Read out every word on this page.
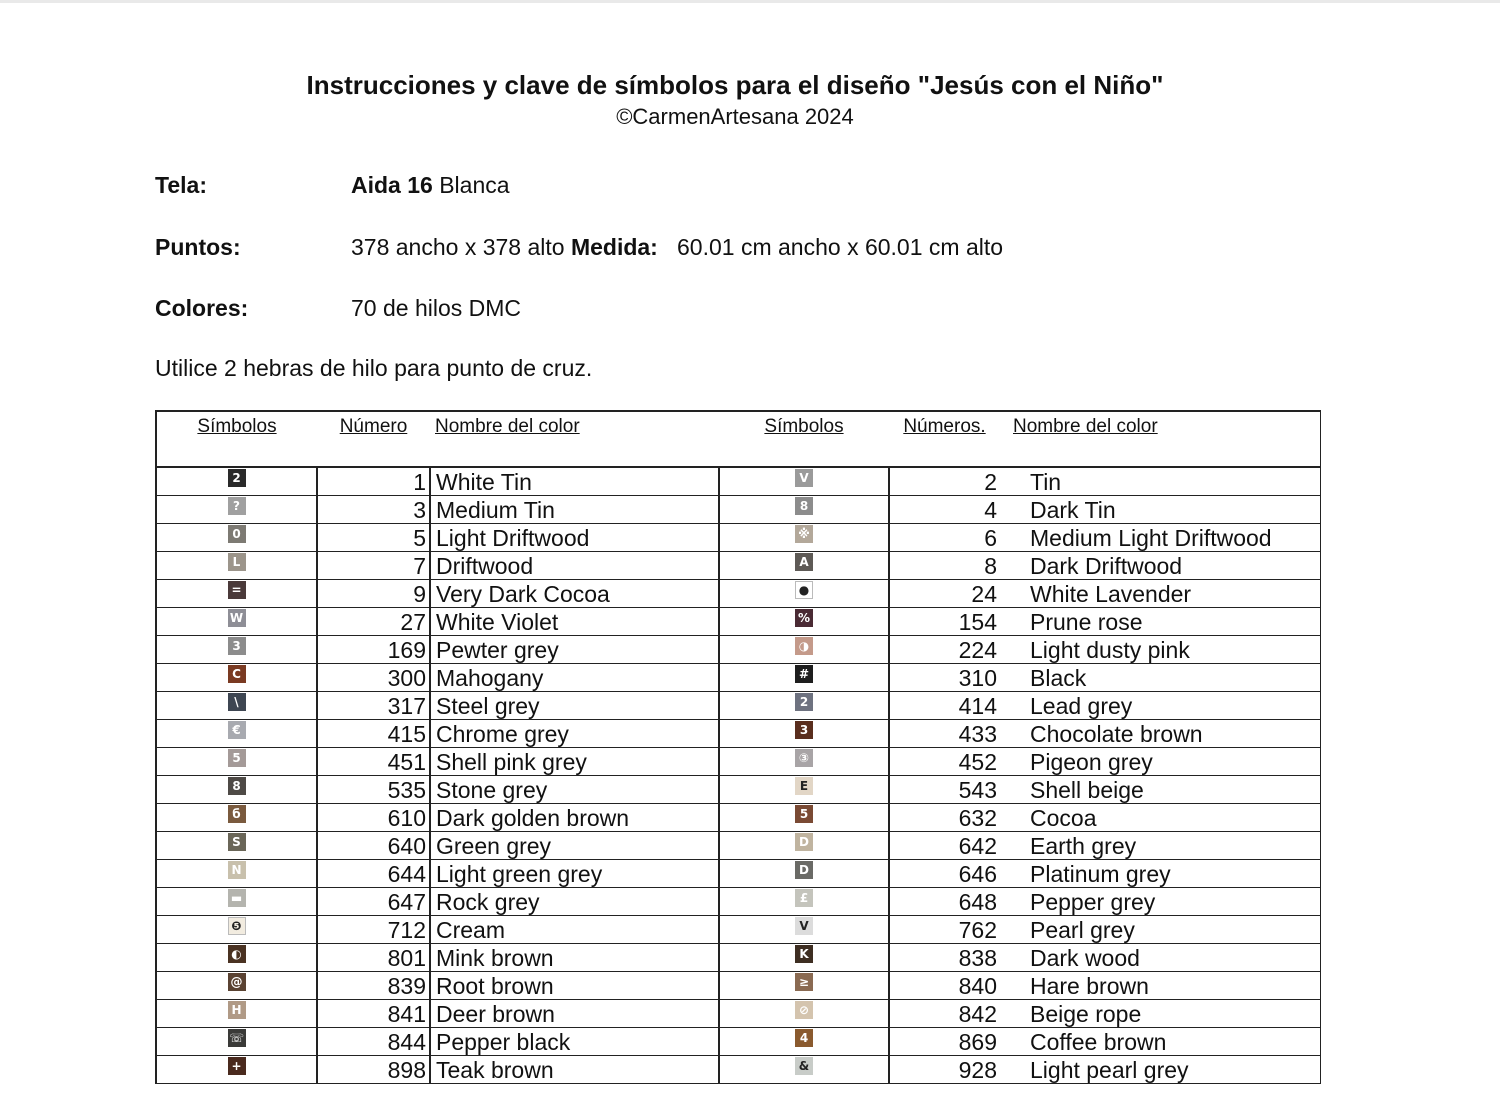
Instrucciones y clave de símbolos para el diseño "Jesús con el Niño"
©CarmenArtesana 2024
Tela:	Aida 16 Blanca
Puntos:	378 ancho x 378 alto Medida: 60.01 cm ancho x 60.01 cm alto
Colores:	70 de hilos DMC
Utilice 2 hebras de hilo para punto de cruz.
Símbolos	Número	Nombre del color	Símbolos	Números.	Nombre del color
2	1	White Tin	V	2	Tin
?	3	Medium Tin	8	4	Dark Tin
0	5	Light Driftwood	※	6	Medium Light Driftwood
L	7	Driftwood	A	8	Dark Driftwood
=	9	Very Dark Cocoa	●	24	White Lavender
W	27	White Violet	%	154	Prune rose
3	169	Pewter grey	◑	224	Light dusty pink
C	300	Mahogany	#	310	Black
\	317	Steel grey	2	414	Lead grey
€	415	Chrome grey	3	433	Chocolate brown
5	451	Shell pink grey	③	452	Pigeon grey
8	535	Stone grey	E	543	Shell beige
б	610	Dark golden brown	5	632	Cocoa
S	640	Green grey	D	642	Earth grey
N	644	Light green grey	D	646	Platinum grey
▬	647	Rock grey	£	648	Pepper grey
❺	712	Cream	V	762	Pearl grey
◐	801	Mink brown	K	838	Dark wood
@	839	Root brown	≥	840	Hare brown
H	841	Deer brown	⊘	842	Beige rope
☏	844	Pepper black	4	869	Coffee brown
+	898	Teak brown	&	928	Light pearl grey
